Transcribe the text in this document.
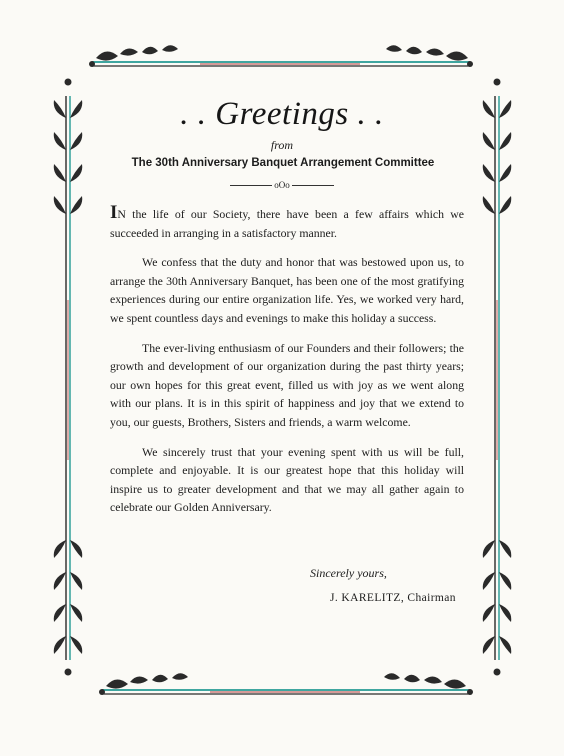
. . Greetings . .
from
The 30th Anniversary Banquet Arrangement Committee
oOo

IN the life of our Society, there have been a few affairs which we succeeded in arranging in a satisfactory manner.

We confess that the duty and honor that was bestowed upon us, to arrange the 30th Anniversary Banquet, has been one of the most gratifying experiences during our entire organization life. Yes, we worked very hard, we spent countless days and evenings to make this holiday a success.

The ever-living enthusiasm of our Founders and their followers; the growth and development of our organization during the past thirty years; our own hopes for this great event, filled us with joy as we went along with our plans. It is in this spirit of happiness and joy that we extend to you, our guests, Brothers, Sisters and friends, a warm welcome.

We sincerely trust that your evening spent with us will be full, complete and enjoyable. It is our greatest hope that this holiday will inspire us to greater development and that we may all gather again to celebrate our Golden Anniversary.

Sincerely yours,
J. KARELITZ, Chairman
